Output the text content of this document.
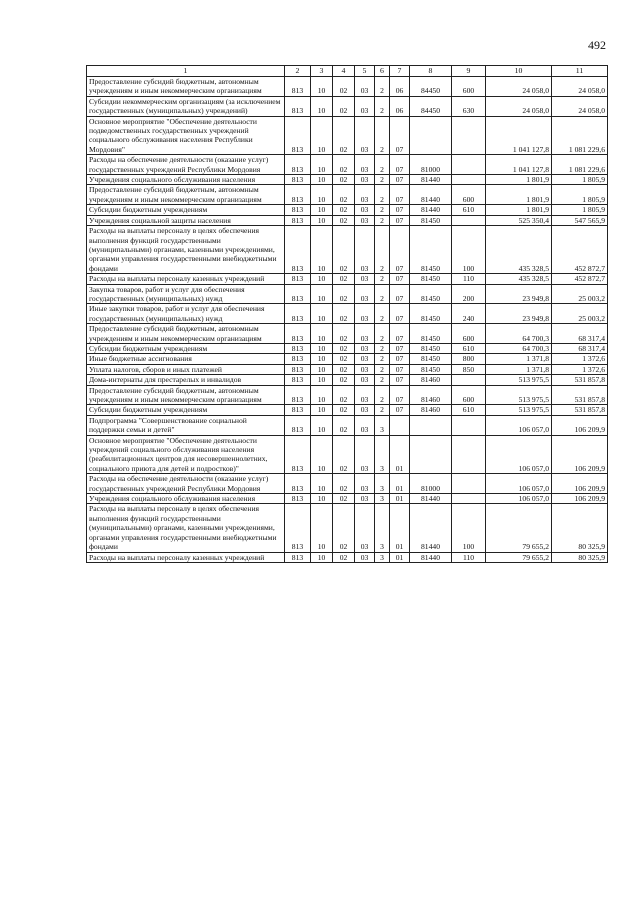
492
1	2	3	4	5	6	7	8	9	10	11
Предоставление субсидий бюджетным, автономным учреждениям и иным некоммерческим организациям	813	10	02	03	2	06	84450	600	24 058,0	24 058,0
Субсидии некоммерческим организациям (за исключением государственных (муниципальных) учреждений)	813	10	02	03	2	06	84450	630	24 058,0	24 058,0
Основное мероприятие "Обеспечение деятельности подведомственных государственных учреждений социального обслуживания населения Республики Мордовия"	813	10	02	03	2	07			1 041 127,8	1 081 229,6
Расходы на обеспечение деятельности (оказание услуг) государственных учреждений Республики Мордовия	813	10	02	03	2	07	81000		1 041 127,8	1 081 229,6
Учреждения социального обслуживания населения	813	10	02	03	2	07	81440		1 801,9	1 805,9
Предоставление субсидий бюджетным, автономным учреждениям и иным некоммерческим организациям	813	10	02	03	2	07	81440	600	1 801,9	1 805,9
Субсидии бюджетным учреждениям	813	10	02	03	2	07	81440	610	1 801,9	1 805,9
Учреждения социальной защиты населения	813	10	02	03	2	07	81450		525 350,4	547 565,9
Расходы на выплаты персоналу в целях обеспечения выполнения функций государственными (муниципальными) органами, казенными учреждениями, органами управления государственными внебюджетными фондами	813	10	02	03	2	07	81450	100	435 328,5	452 872,7
Расходы на выплаты персоналу казенных учреждений	813	10	02	03	2	07	81450	110	435 328,5	452 872,7
Закупка товаров, работ и услуг для обеспечения государственных (муниципальных) нужд	813	10	02	03	2	07	81450	200	23 949,8	25 003,2
Иные закупки товаров, работ и услуг для обеспечения государственных (муниципальных) нужд	813	10	02	03	2	07	81450	240	23 949,8	25 003,2
Предоставление субсидий бюджетным, автономным учреждениям и иным некоммерческим организациям	813	10	02	03	2	07	81450	600	64 700,3	68 317,4
Субсидии бюджетным учреждениям	813	10	02	03	2	07	81450	610	64 700,3	68 317,4
Иные бюджетные ассигнования	813	10	02	03	2	07	81450	800	1 371,8	1 372,6
Уплата налогов, сборов и иных платежей	813	10	02	03	2	07	81450	850	1 371,8	1 372,6
Дома-интернаты для престарелых и инвалидов	813	10	02	03	2	07	81460		513 975,5	531 857,8
Предоставление субсидий бюджетным, автономным учреждениям и иным некоммерческим организациям	813	10	02	03	2	07	81460	600	513 975,5	531 857,8
Субсидии бюджетным учреждениям	813	10	02	03	2	07	81460	610	513 975,5	531 857,8
Подпрограмма "Совершенствование социальной поддержки семьи и детей"	813	10	02	03	3				106 057,0	106 209,9
Основное мероприятие "Обеспечение деятельности учреждений социального обслуживания населения (реабилитационных центров для несовершеннолетних, социального приюта для детей и подростков)"	813	10	02	03	3	01			106 057,0	106 209,9
Расходы на обеспечение деятельности (оказание услуг) государственных учреждений Республики Мордовия	813	10	02	03	3	01	81000		106 057,0	106 209,9
Учреждения социального обслуживания населения	813	10	02	03	3	01	81440		106 057,0	106 209,9
Расходы на выплаты персоналу в целях обеспечения выполнения функций государственными (муниципальными) органами, казенными учреждениями, органами управления государственными внебюджетными фондами	813	10	02	03	3	01	81440	100	79 655,2	80 325,9
Расходы на выплаты персоналу казенных учреждений	813	10	02	03	3	01	81440	110	79 655,2	80 325,9
